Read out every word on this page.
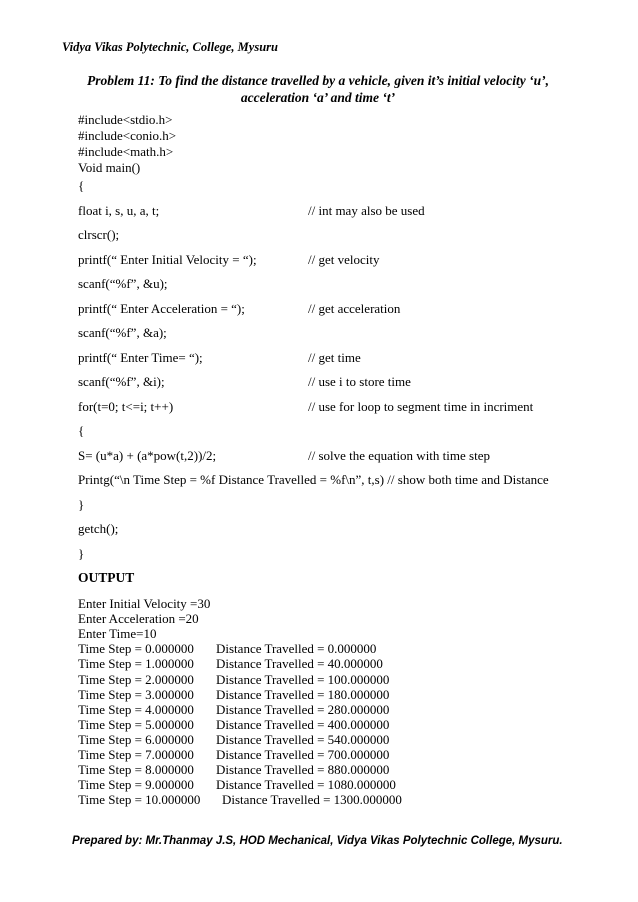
Vidya Vikas Polytechnic, College, Mysuru
Problem 11: To find the distance travelled by a vehicle, given it’s initial velocity ‘u’,
acceleration ‘a’ and time ‘t’
#include<stdio.h>
#include<conio.h>
#include<math.h>
Void main()
{
float i, s, u, a, t;	// int may also be used
clrscr();
printf(“ Enter Initial Velocity = “);	// get velocity
scanf(“%f”, &u);
printf(“ Enter Acceleration = “);	// get acceleration
scanf(“%f”, &a);
printf(“ Enter Time= “);	// get time
scanf(“%f”, &i);	// use i to store time
for(t=0; t<=i; t++)	// use for loop to segment time in incriment
{
S= (u*a) + (a*pow(t,2))/2;	// solve the equation with time step
Printg(“\n Time Step = %f Distance Travelled = %f\n”, t,s) // show both time and Distance
}
getch();
}
OUTPUT
Enter Initial Velocity =30
Enter Acceleration =20
Enter Time=10
Time Step = 0.000000 Distance Travelled = 0.000000
Time Step = 1.000000 Distance Travelled = 40.000000
Time Step = 2.000000 Distance Travelled = 100.000000
Time Step = 3.000000 Distance Travelled = 180.000000
Time Step = 4.000000 Distance Travelled = 280.000000
Time Step = 5.000000 Distance Travelled = 400.000000
Time Step = 6.000000 Distance Travelled = 540.000000
Time Step = 7.000000 Distance Travelled = 700.000000
Time Step = 8.000000 Distance Travelled = 880.000000
Time Step = 9.000000 Distance Travelled = 1080.000000
Time Step = 10.000000 Distance Travelled = 1300.000000
Prepared by: Mr.Thanmay J.S, HOD Mechanical, Vidya Vikas Polytechnic College, Mysuru.
